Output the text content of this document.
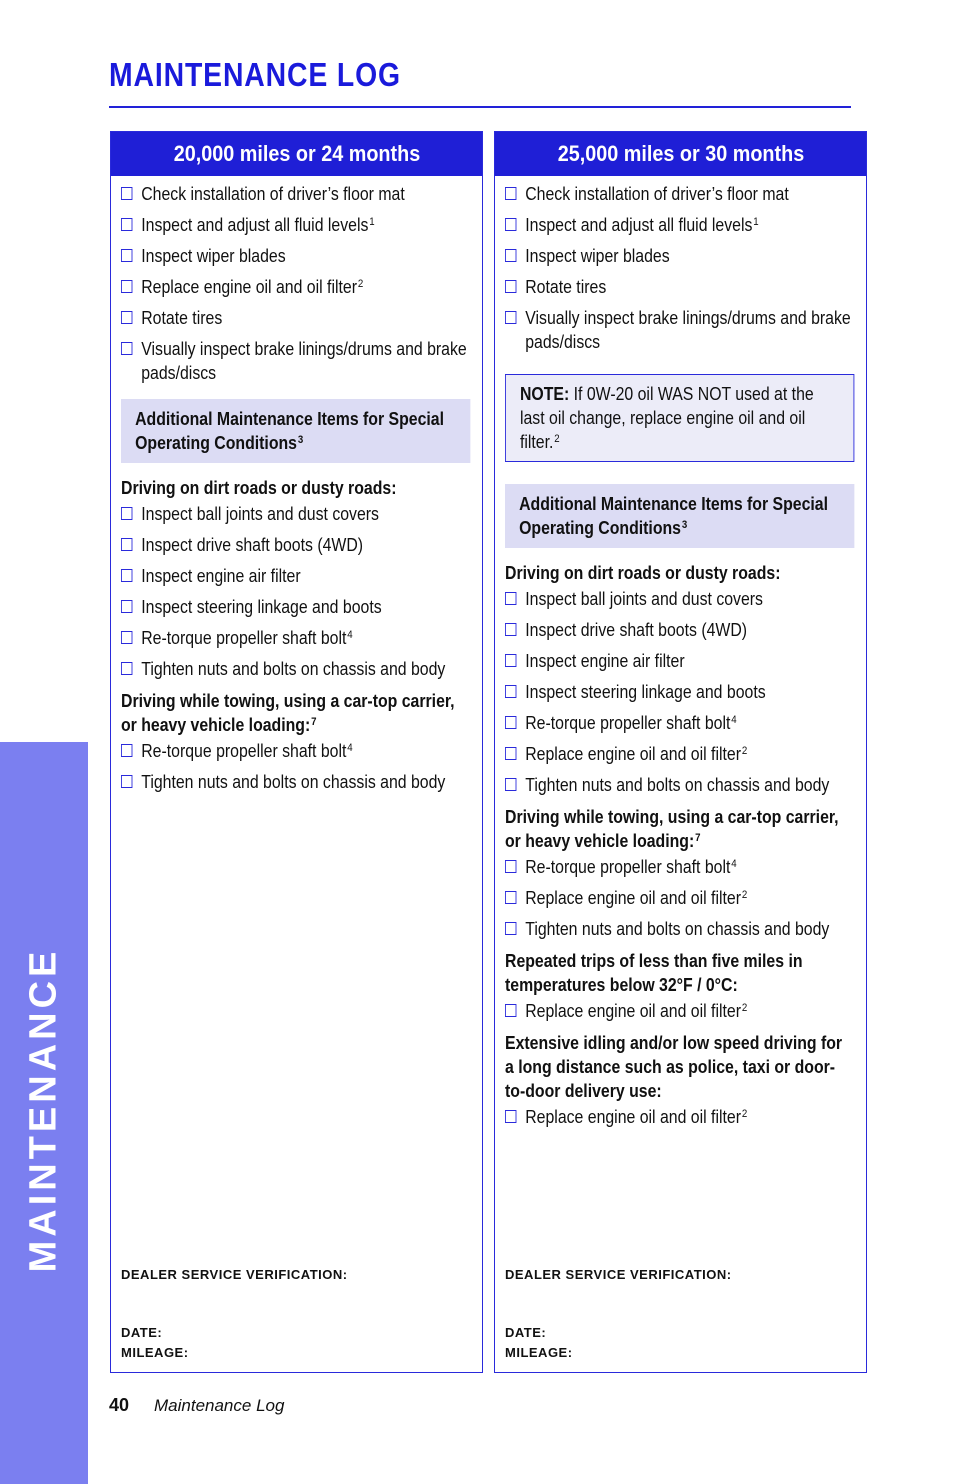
MAINTENANCE LOG
MAINTENANCE
20,000 miles or 24 months
Check installation of driver’s floor mat
Inspect and adjust all fluid levels$^1$
Inspect wiper blades
Replace engine oil and oil filter$^2$
Rotate tires
Visually inspect brake linings/drums and brake pads/discs
Additional Maintenance Items for Special Operating Conditions$^3$
Driving on dirt roads or dusty roads:
Inspect ball joints and dust covers
Inspect drive shaft boots (4WD)
Inspect engine air filter
Inspect steering linkage and boots
Re-torque propeller shaft bolt$^4$
Tighten nuts and bolts on chassis and body
Driving while towing, using a car-top carrier, or heavy vehicle loading:$^7$
Re-torque propeller shaft bolt$^4$
Tighten nuts and bolts on chassis and body
DEALER SERVICE VERIFICATION:
DATE:
MILEAGE:
25,000 miles or 30 months
Check installation of driver’s floor mat
Inspect and adjust all fluid levels$^1$
Inspect wiper blades
Rotate tires
Visually inspect brake linings/drums and brake pads/discs
NOTE: If 0W-20 oil WAS NOT used at the last oil change, replace engine oil and oil filter.$^2$
Additional Maintenance Items for Special Operating Conditions$^3$
Driving on dirt roads or dusty roads:
Inspect ball joints and dust covers
Inspect drive shaft boots (4WD)
Inspect engine air filter
Inspect steering linkage and boots
Re-torque propeller shaft bolt$^4$
Replace engine oil and oil filter$^2$
Tighten nuts and bolts on chassis and body
Driving while towing, using a car-top carrier, or heavy vehicle loading:$^7$
Re-torque propeller shaft bolt$^4$
Replace engine oil and oil filter$^2$
Tighten nuts and bolts on chassis and body
Repeated trips of less than five miles in temperatures below 32°F / 0°C:
Replace engine oil and oil filter$^2$
Extensive idling and/or low speed driving for a long distance such as police, taxi or door-to-door delivery use:
Replace engine oil and oil filter$^2$
DEALER SERVICE VERIFICATION:
DATE:
MILEAGE:
40 Maintenance Log
